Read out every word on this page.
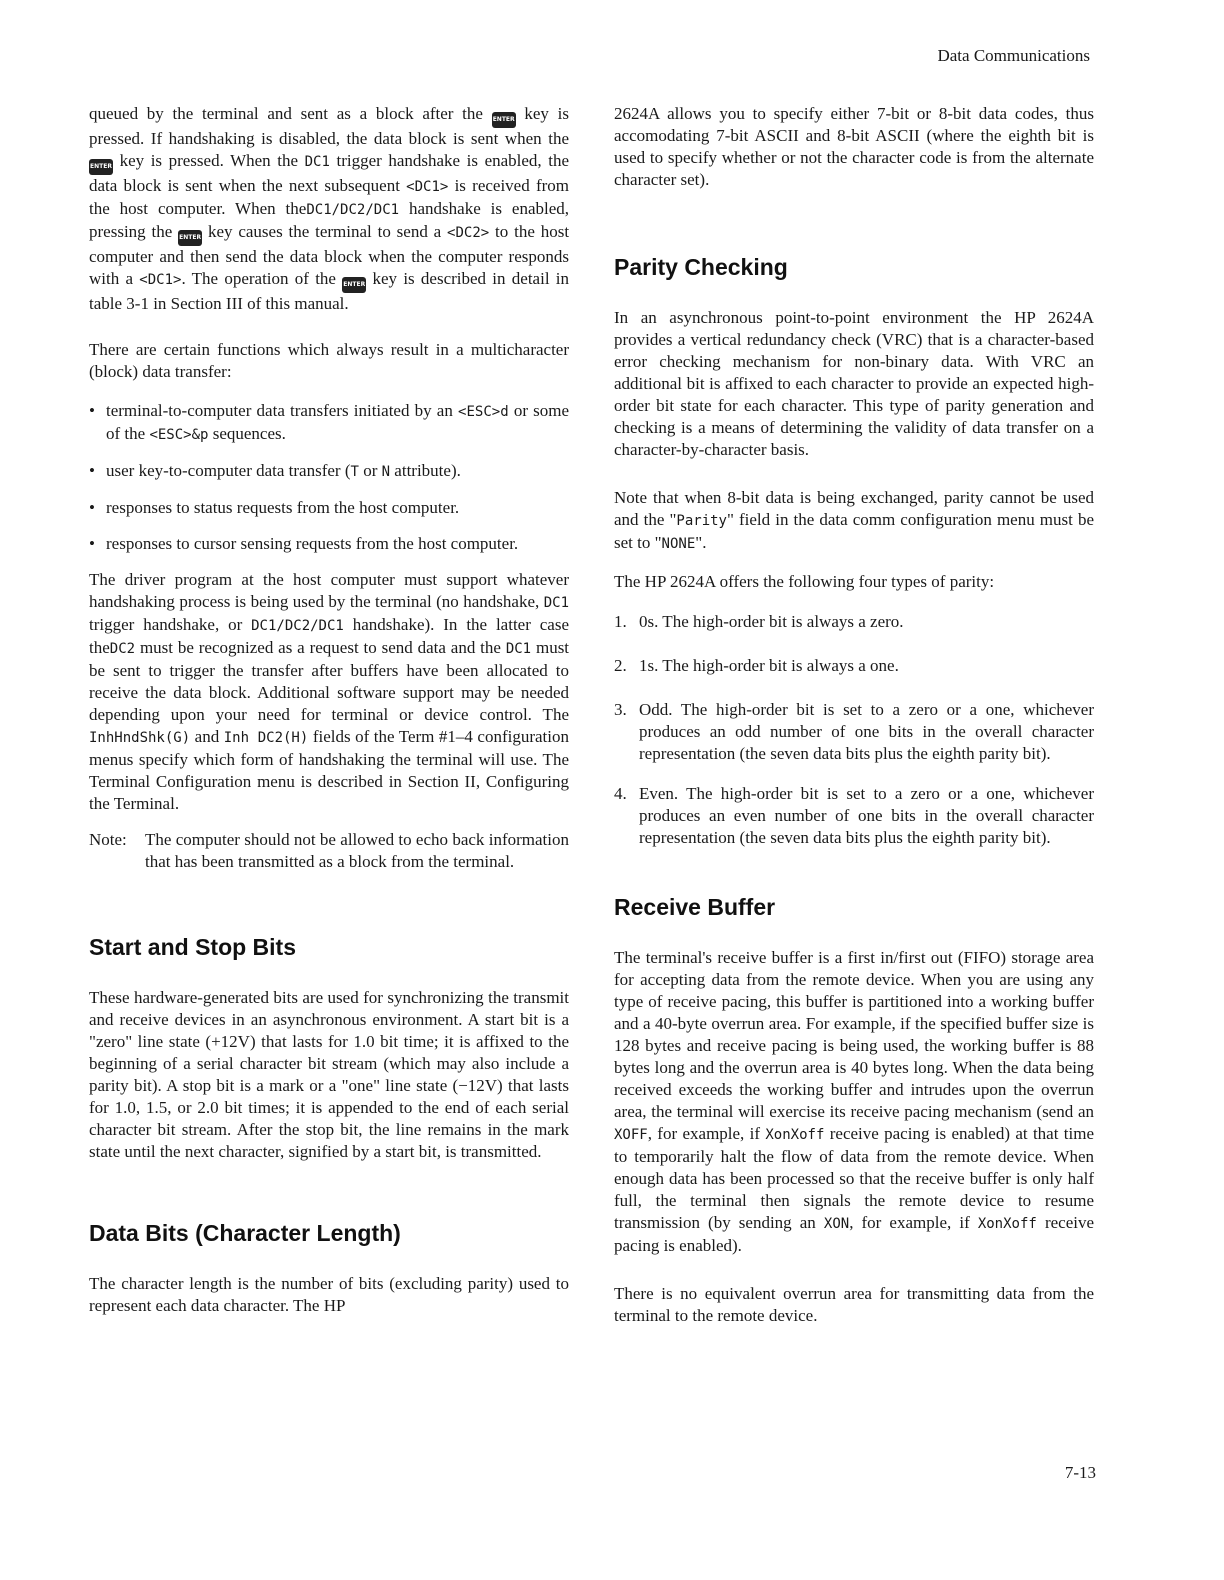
Data Communications

queued by the terminal and sent as a block after the ENTER key is pressed. If handshaking is disabled, the data block is sent when the ENTER key is pressed. When the DC1 trigger handshake is enabled, the data block is sent when the next subsequent <DC1> is received from the host computer. When theDC1/DC2/DC1 handshake is enabled, pressing the ENTER key causes the terminal to send a <DC2> to the host computer and then send the data block when the computer responds with a <DC1>. The operation of the ENTER key is described in detail in table 3-1 in Section III of this manual.

There are certain functions which always result in a multicharacter (block) data transfer:

• terminal-to-computer data transfers initiated by an <ESC>d or some of the <ESC>&p sequences.
• user key-to-computer data transfer (T or N attribute).
• responses to status requests from the host computer.
• responses to cursor sensing requests from the host computer.

The driver program at the host computer must support whatever handshaking process is being used by the terminal (no handshake, DC1 trigger handshake, or DC1/DC2/DC1 handshake). In the latter case theDC2 must be recognized as a request to send data and the DC1 must be sent to trigger the transfer after buffers have been allocated to receive the data block. Additional software support may be needed depending upon your need for terminal or device control. The InhHndShk(G) and Inh DC2(H) fields of the Term #1–4 configuration menus specify which form of handshaking the terminal will use. The Terminal Configuration menu is described in Section II, Configuring the Terminal.

Note:	The computer should not be allowed to echo back information that has been transmitted as a block from the terminal.
Start and Stop Bits

These hardware-generated bits are used for synchronizing the transmit and receive devices in an asynchronous environment. A start bit is a "zero" line state (+12V) that lasts for 1.0 bit time; it is affixed to the beginning of a serial character bit stream (which may also include a parity bit). A stop bit is a mark or a "one" line state (−12V) that lasts for 1.0, 1.5, or 2.0 bit times; it is appended to the end of each serial character bit stream. After the stop bit, the line remains in the mark state until the next character, signified by a start bit, is transmitted.

Data Bits (Character Length)

The character length is the number of bits (excluding parity) used to represent each data character. The HP

2624A allows you to specify either 7-bit or 8-bit data codes, thus accomodating 7-bit ASCII and 8-bit ASCII (where the eighth bit is used to specify whether or not the character code is from the alternate character set).

Parity Checking

In an asynchronous point-to-point environment the HP 2624A provides a vertical redundancy check (VRC) that is a character-based error checking mechanism for non-binary data. With VRC an additional bit is affixed to each character to provide an expected high-order bit state for each character. This type of parity generation and checking is a means of determining the validity of data transfer on a character-by-character basis.

Note that when 8-bit data is being exchanged, parity cannot be used and the "Parity" field in the data comm configuration menu must be set to "NONE".

The HP 2624A offers the following four types of parity:

1. 0s. The high-order bit is always a zero.
2. 1s. The high-order bit is always a one.
3. Odd. The high-order bit is set to a zero or a one, whichever produces an odd number of one bits in the overall character representation (the seven data bits plus the eighth parity bit).
4. Even. The high-order bit is set to a zero or a one, whichever produces an even number of one bits in the overall character representation (the seven data bits plus the eighth parity bit).
Receive Buffer

The terminal's receive buffer is a first in/first out (FIFO) storage area for accepting data from the remote device. When you are using any type of receive pacing, this buffer is partitioned into a working buffer and a 40-byte overrun area. For example, if the specified buffer size is 128 bytes and receive pacing is being used, the working buffer is 88 bytes long and the overrun area is 40 bytes long. When the data being received exceeds the working buffer and intrudes upon the overrun area, the terminal will exercise its receive pacing mechanism (send an XOFF, for example, if XonXoff receive pacing is enabled) at that time to temporarily halt the flow of data from the remote device. When enough data has been processed so that the receive buffer is only half full, the terminal then signals the remote device to resume transmission (by sending an XON, for example, if XonXoff receive pacing is enabled).

There is no equivalent overrun area for transmitting data from the terminal to the remote device.

7-13
